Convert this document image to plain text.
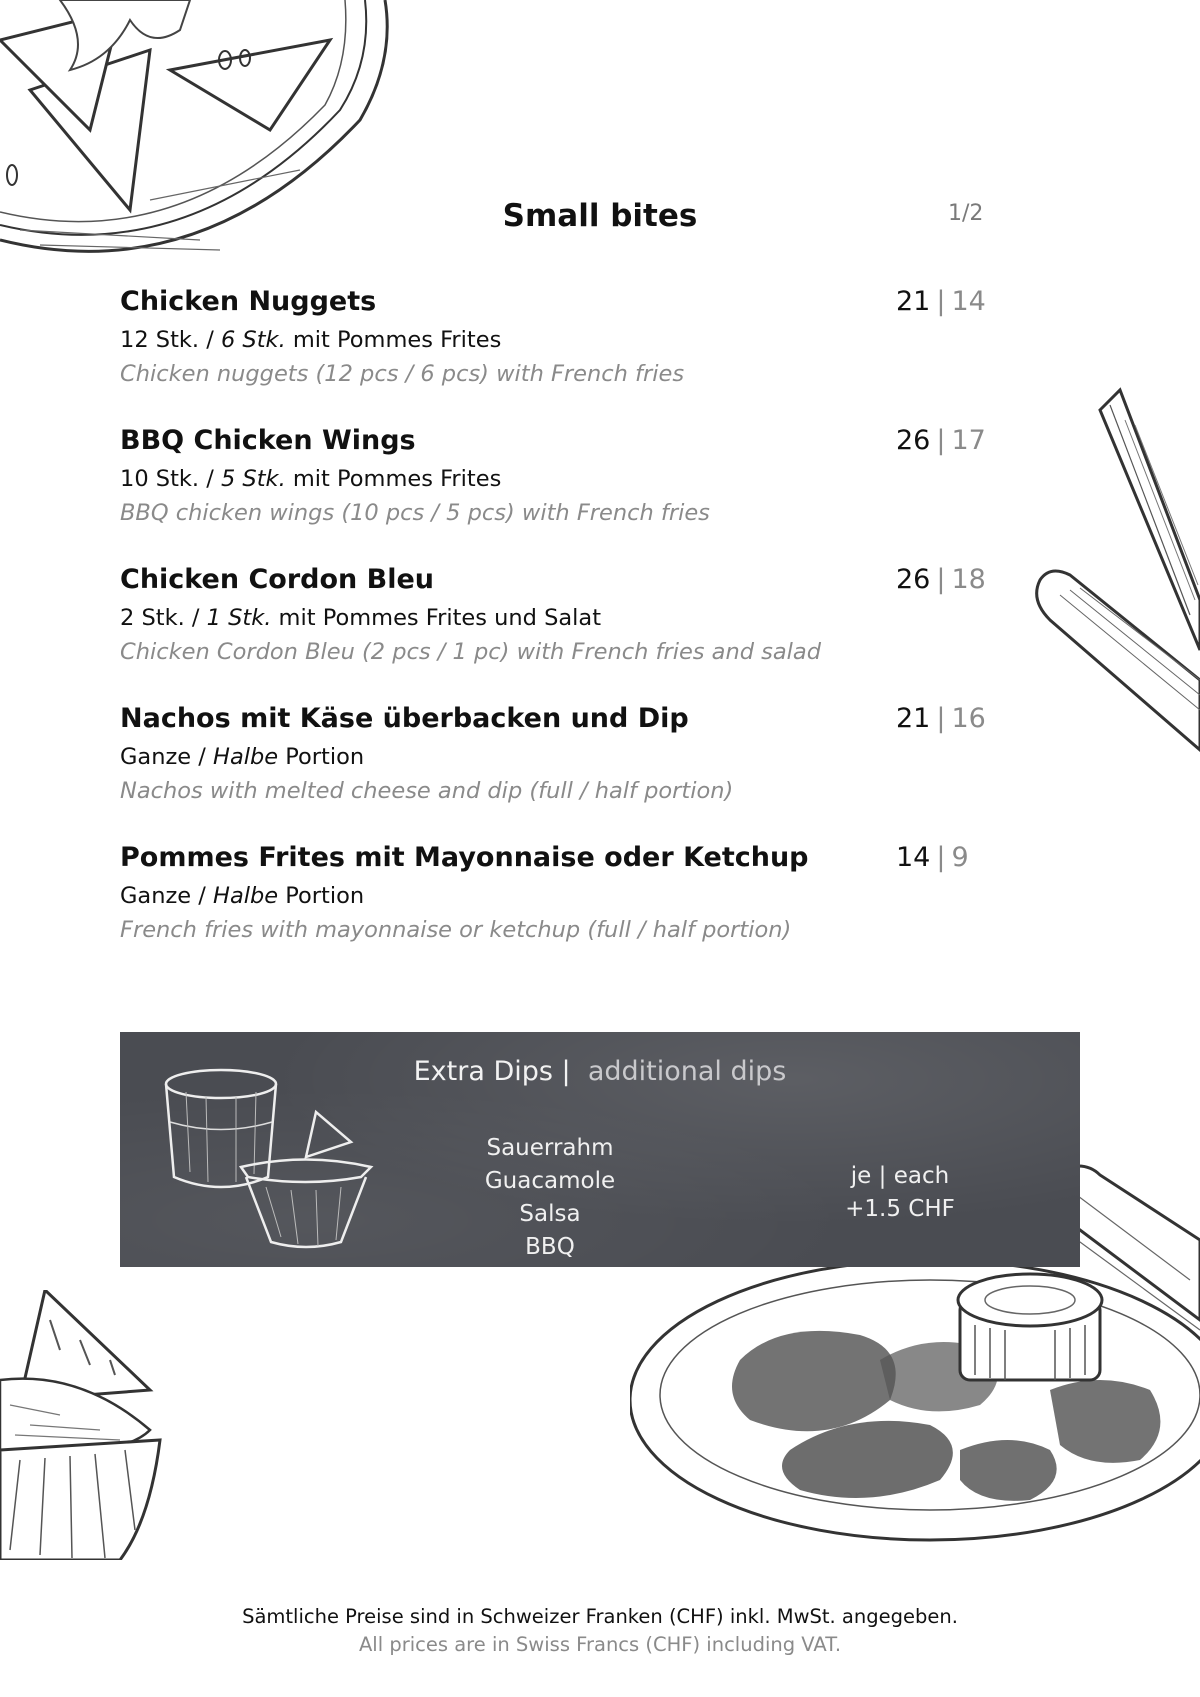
Small bites	1/2
Chicken Nuggets
12 Stk. / 6 Stk. mit Pommes Frites
Chicken nuggets (12 pcs / 6 pcs) with French fries
21 | 14
BBQ Chicken Wings
10 Stk. / 5 Stk. mit Pommes Frites
BBQ chicken wings (10 pcs / 5 pcs) with French fries
26 | 17
Chicken Cordon Bleu
2 Stk. / 1 Stk. mit Pommes Frites und Salat
Chicken Cordon Bleu (2 pcs / 1 pc) with French fries and salad
26 | 18
Nachos mit Käse überbacken und Dip
Ganze / Halbe Portion
Nachos with melted cheese and dip (full / half portion)
21 | 16
Pommes Frites mit Mayonnaise oder Ketchup
Ganze / Halbe Portion
French fries with mayonnaise or ketchup (full / half portion)
14 | 9
Extra Dips | additional dips
Sauerrahm
Guacamole
Salsa
BBQ
je | each
+1.5 CHF
Sämtliche Preise sind in Schweizer Franken (CHF) inkl. MwSt. angegeben.
All prices are in Swiss Francs (CHF) including VAT.
